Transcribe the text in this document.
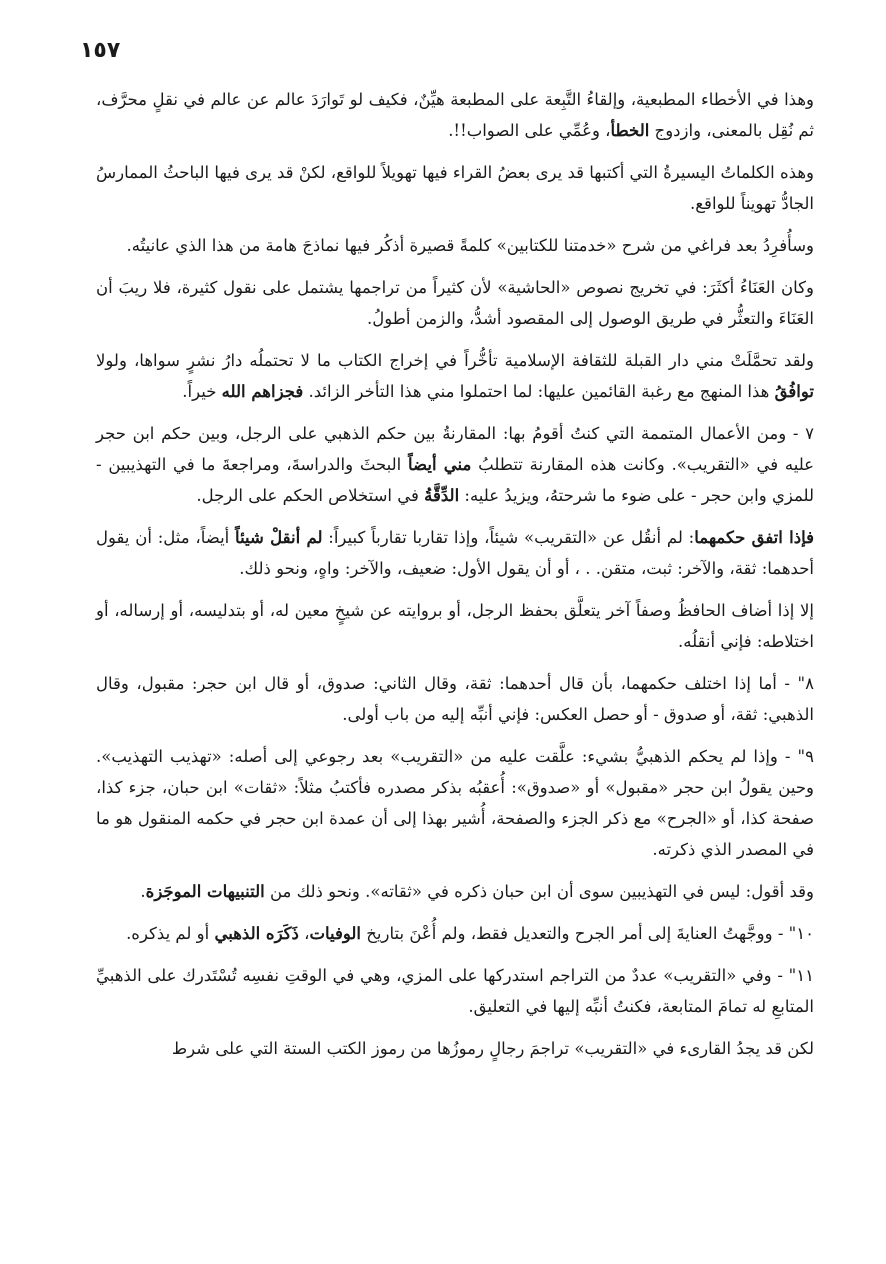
١٥٧

وهذا في الأخطاء المطبعية، وإلقاءُ التَّبِعة على المطبعة هيِّنٌ، فكيف لو تَوارَدَ عالم عن عالم في نقلٍ محرَّف، ثم نُقِل بالمعنى، وازدوج الخطأ، وعُمِّي على الصواب!!.

وهذه الكلماتُ اليسيرةُ التي أكتبها قد يرى بعضُ القراء فيها تهويلاً للواقع، لكنْ قد يرى فيها الباحثُ الممارسُ الجادُّ تهويناً للواقع.

وسأُفرِدُ بعد فراغي من شرح «خدمتنا للكتابين» كلمةً قصيرة أذكُر فيها نماذجَ هامة من هذا الذي عانيتُه.

وكان العَنَاءُ أكثَرَ: في تخريج نصوص «الحاشية» لأن كثيراً من تراجمها يشتمل على نقول كثيرة، فلا ريبَ أن العَنَاءَ والتعثُّر في طريق الوصول إلى المقصود أشدُّ، والزمن أطولُ.

ولقد تحمَّلَتْ مني دار القبلة للثقافة الإسلامية تأخُّراً في إخراج الكتاب ما لا تحتملُه دارُ نشرٍ سواها، ولولا توافُقُ هذا المنهج مع رغبة القائمين عليها: لما احتملوا مني هذا التأخر الزائد. فجزاهم الله خيراً.

٧ - ومن الأعمال المتممة التي كنتُ أقومُ بها: المقارنةُ بين حكم الذهبي على الرجل، وبين حكم ابن حجر عليه في «التقريب». وكانت هذه المقارنة تتطلبُ مني أيضاً البحثَ والدراسةَ، ومراجعةَ ما في التهذيبين - للمزي وابن حجر - على ضوء ما شرحتهُ، ويزيدُ عليه: الدِّقَّةُ في استخلاص الحكم على الرجل.

فإذا اتفق حكمهما: لم أنقُل عن «التقريب» شيئاً، وإذا تقاربا تقارباً كبيراً: لم أنقلْ شيئاً أيضاً، مثل: أن يقول أحدهما: ثقة، والآخر: ثبت، متقن. . ، أو أن يقول الأول: ضعيف، والآخر: واهٍ، ونحو ذلك.

إلا إذا أضاف الحافظُ وصفاً آخر يتعلَّق بحفظ الرجل، أو بروايته عن شيخٍ معين له، أو بتدليسه، أو إرساله، أو اختلاطه: فإني أنقلُه.

٨" - أما إذا اختلف حكمهما، بأن قال أحدهما: ثقة، وقال الثاني: صدوق، أو قال ابن حجر: مقبول، وقال الذهبي: ثقة، أو صدوق - أو حصل العكس: فإني أنبِّه إليه من باب أولى.

٩" - وإذا لم يحكم الذهبيُّ بشيء: علَّقت عليه من «التقريب» بعد رجوعي إلى أصله: «تهذيب التهذيب». وحين يقولُ ابن حجر «مقبول» أو «صدوق»: أُعقبُه بذكر مصدره فأكتبُ مثلاً: «ثقات» ابن حبان، جزء كذا، صفحة كذا، أو «الجرح» مع ذكر الجزء والصفحة، أُشير بهذا إلى أن عمدة ابن حجر في حكمه المنقول هو ما في المصدر الذي ذكرته.

وقد أقول: ليس في التهذيبين سوى أن ابن حبان ذكره في «ثقاته». ونحو ذلك من التنبيهات الموجَزة.

١٠" - ووجَّهتُ العنايةَ إلى أمر الجرح والتعديل فقط، ولم أُعْنَ بتاريخ الوفيات، ذَكَرَه الذهبي أو لم يذكره.

١١" - وفي «التقريب» عددٌ من التراجم استدركها على المزي، وهي في الوقتِ نفسِه تُسْتَدرك على الذهبيِّ المتابعِ له تمامَ المتابعة، فكنتُ أنبِّه إليها في التعليق.

لكن قد يجدُ القارىء في «التقريب» تراجمَ رجالٍ رموزُها من رموز الكتب الستة التي على شرط
